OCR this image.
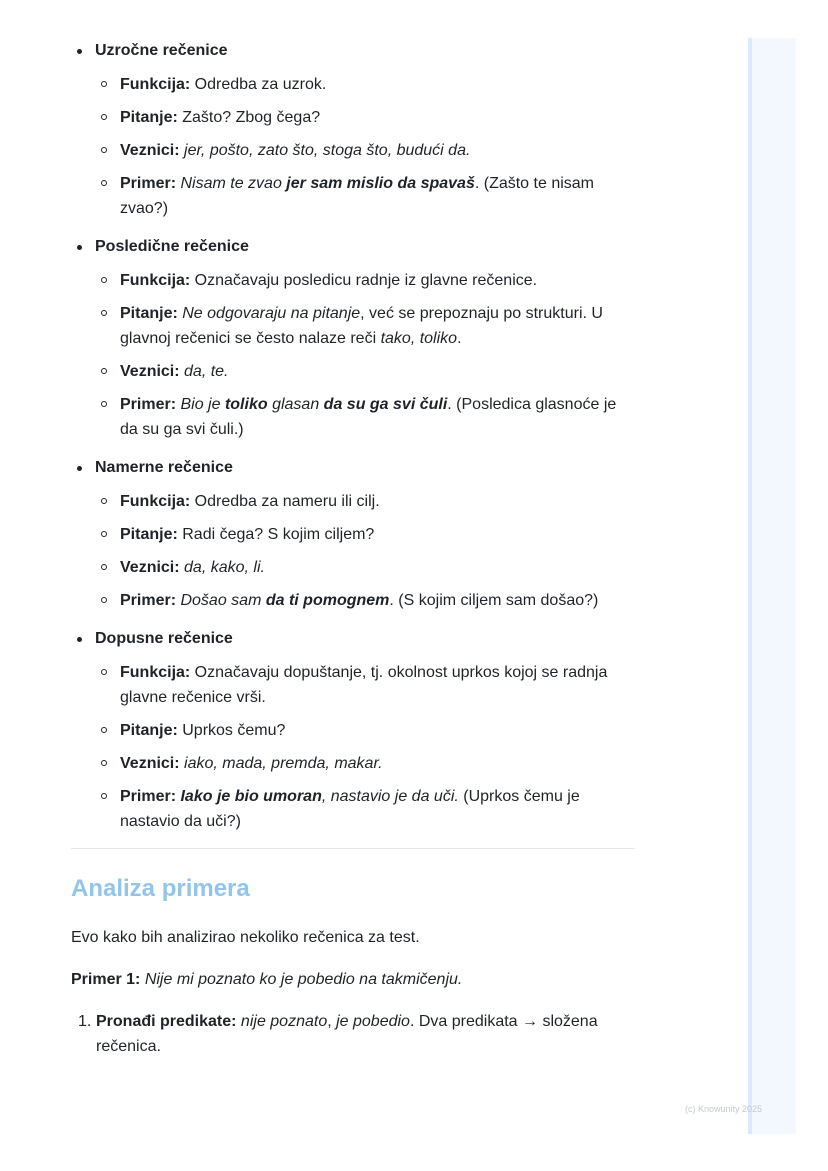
Uzročne rečenice
Funkcija: Odredba za uzrok.
Pitanje: Zašto? Zbog čega?
Veznici: jer, pošto, zato što, stoga što, budući da.
Primer: Nisam te zvao jer sam mislio da spavaš. (Zašto te nisam zvao?)
Posledične rečenice
Funkcija: Označavaju posledicu radnje iz glavne rečenice.
Pitanje: Ne odgovaraju na pitanje, već se prepoznaju po strukturi. U glavnoj rečenici se često nalaze reči tako, toliko.
Veznici: da, te.
Primer: Bio je toliko glasan da su ga svi čuli. (Posledica glasnoće je da su ga svi čuli.)
Namerne rečenice
Funkcija: Odredba za nameru ili cilj.
Pitanje: Radi čega? S kojim ciljem?
Veznici: da, kako, li.
Primer: Došao sam da ti pomognem. (S kojim ciljem sam došao?)
Dopusne rečenice
Funkcija: Označavaju dopuštanje, tj. okolnost uprkos kojoj se radnja glavne rečenice vrši.
Pitanje: Uprkos čemu?
Veznici: iako, mada, premda, makar.
Primer: Iako je bio umoran, nastavio je da uči. (Uprkos čemu je nastavio da uči?)
Analiza primera

Evo kako bih analizirao nekoliko rečenica za test.

Primer 1: Nije mi poznato ko je pobedio na takmičenju.

1. Pronađi predikate: nije poznato, je pobedio. Dva predikata → složena rečenica.
(c) Knowunity 2025
